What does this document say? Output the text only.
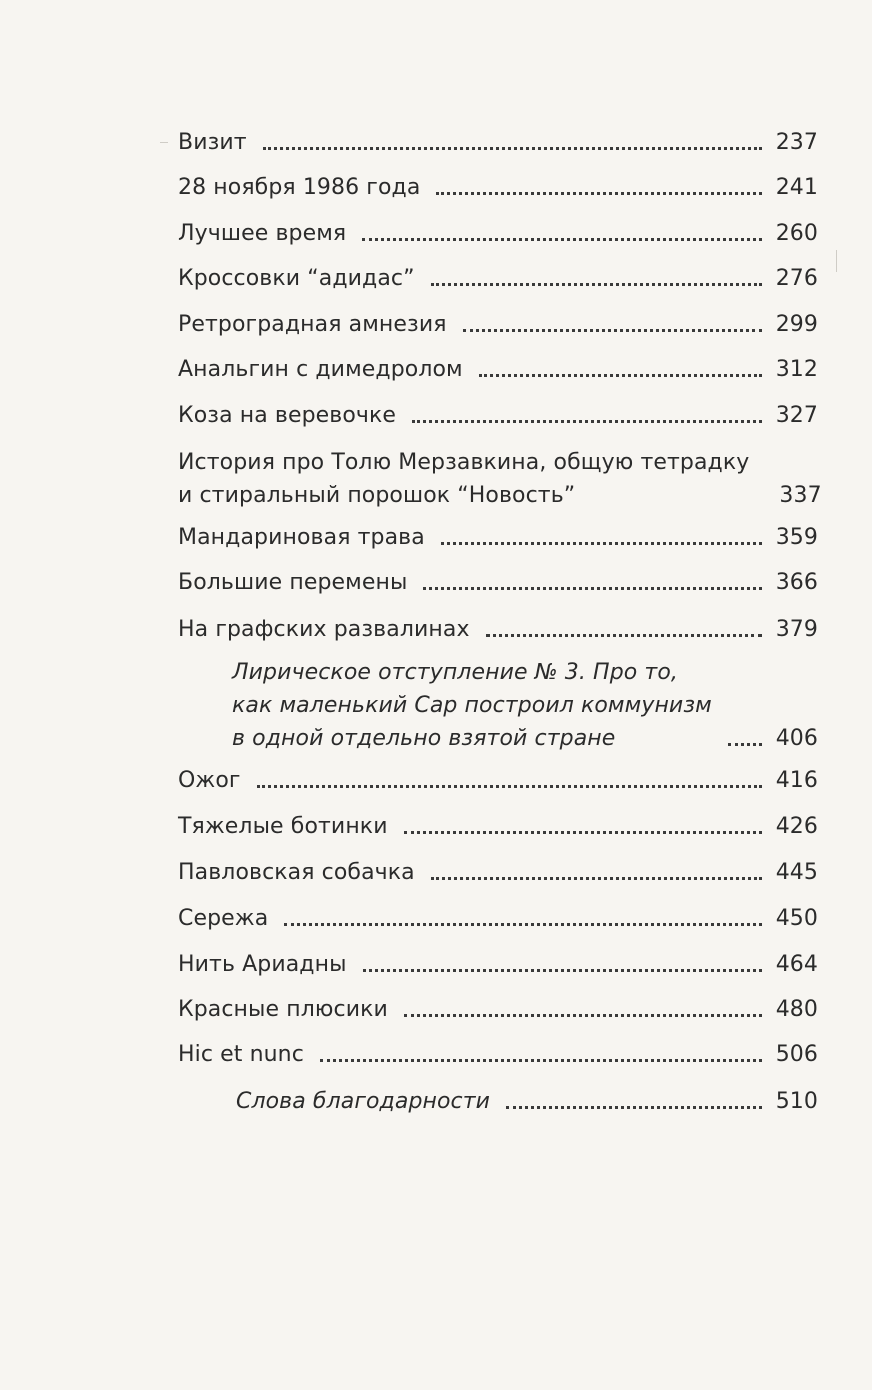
Визит	237
28 ноября 1986 года	241
Лучшее время	260
Кроссовки “адидас”	276
Ретроградная амнезия	299
Анальгин с димедролом	312
Коза на веревочке	327
История про Толю Мерзавкина, общую тетрадку
и стиральный порошок “Новость”	337
Мандариновая трава	359
Большие перемены	366
На графских развалинах	379
Лирическое отступление № 3. Про то,
как маленький Сар построил коммунизм
в одной отдельно взятой стране	406
Ожог	416
Тяжелые ботинки	426
Павловская собачка	445
Сережа	450
Нить Ариадны	464
Красные плюсики	480
Hic et nunc	506
Слова благодарности	510
